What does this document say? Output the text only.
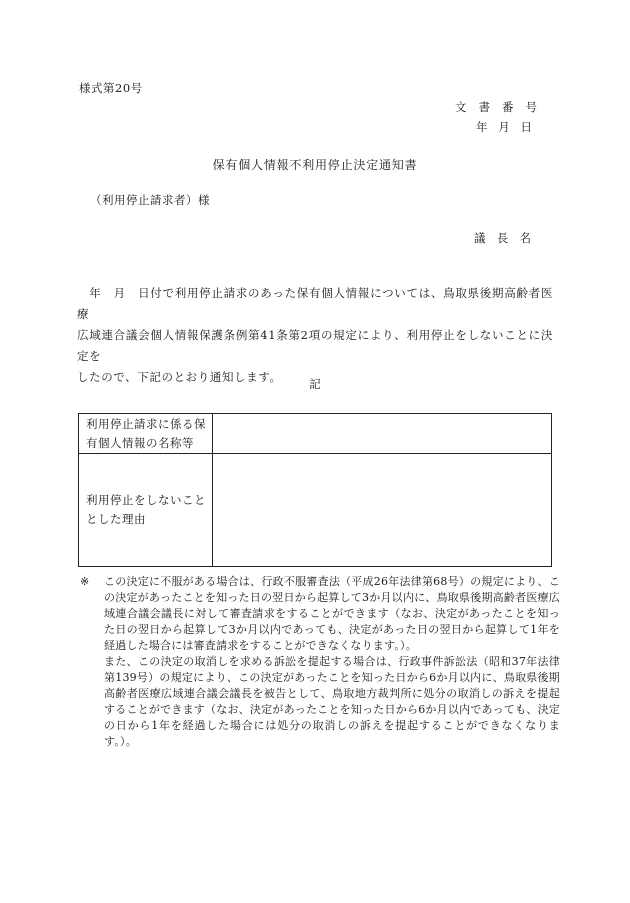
様式第20号
文 書 番 号
年 月 日
保有個人情報不利用停止決定通知書
（利用停止請求者）様
議 長 名
　年　月　日付で利用停止請求のあった保有個人情報については、鳥取県後期高齢者医療
広域連合議会個人情報保護条例第41条第2項の規定により、利用停止をしないことに決定を
したので、下記のとおり通知します。	記
利用停止請求に係る保
有個人情報の名称等	

利用停止をしないこと
とした理由	

※ この決定に不服がある場合は、行政不服審査法（平成26年法律第68号）の規定により、この決定があったことを知った日の翌日から起算して3か月以内に、鳥取県後期高齢者医療広域連合議会議長に対して審査請求をすることができます（なお、決定があったことを知った日の翌日から起算して3か月以内であっても、決定があった日の翌日から起算して1年を経過した場合には審査請求をすることができなくなります。）。
また、この決定の取消しを求める訴訟を提起する場合は、行政事件訴訟法（昭和37年法律第139号）の規定により、この決定があったことを知った日から6か月以内に、鳥取県後期高齢者医療広域連合議会議長を被告として、鳥取地方裁判所に処分の取消しの訴えを提起することができます（なお、決定があったことを知った日から6か月以内であっても、決定の日から1年を経過した場合には処分の取消しの訴えを提起することができなくなります。）。
